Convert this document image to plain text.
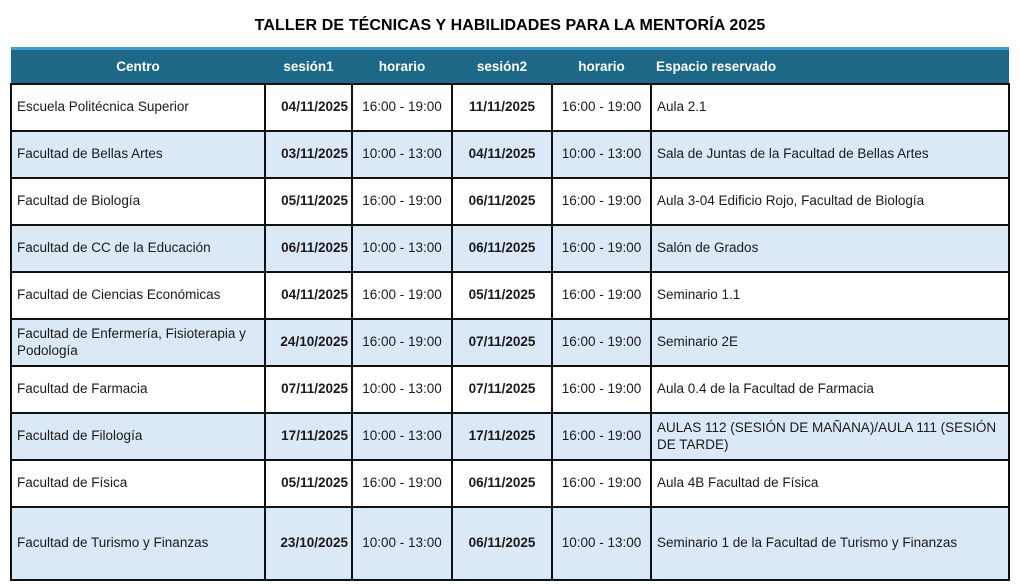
TALLER DE TÉCNICAS Y HABILIDADES PARA LA MENTORÍA 2025
Centro	sesión1	horario	sesión2	horario	Espacio reservado
Escuela Politécnica Superior	04/11/2025	16:00 - 19:00	11/11/2025	16:00 - 19:00	Aula 2.1
Facultad de Bellas Artes	03/11/2025	10:00 - 13:00	04/11/2025	10:00 - 13:00	Sala de Juntas de la Facultad de Bellas Artes
Facultad de Biología	05/11/2025	16:00 - 19:00	06/11/2025	16:00 - 19:00	Aula 3-04 Edificio Rojo, Facultad de Biología
Facultad de CC de la Educación	06/11/2025	10:00 - 13:00	06/11/2025	16:00 - 19:00	Salón de Grados
Facultad de Ciencias Económicas	04/11/2025	16:00 - 19:00	05/11/2025	16:00 - 19:00	Seminario 1.1
Facultad de Enfermería, Fisioterapia y Podología	24/10/2025	16:00 - 19:00	07/11/2025	16:00 - 19:00	Seminario 2E
Facultad de Farmacia	07/11/2025	10:00 - 13:00	07/11/2025	16:00 - 19:00	Aula 0.4 de la Facultad de Farmacia
Facultad de Filología	17/11/2025	10:00 - 13:00	17/11/2025	16:00 - 19:00	AULAS 112 (SESIÓN DE MAÑANA)/AULA 111 (SESIÓN DE TARDE)
Facultad de Física	05/11/2025	16:00 - 19:00	06/11/2025	16:00 - 19:00	Aula 4B Facultad de Física
Facultad de Turismo y Finanzas	23/10/2025	10:00 - 13:00	06/11/2025	10:00 - 13:00	Seminario 1 de la Facultad de Turismo y Finanzas
